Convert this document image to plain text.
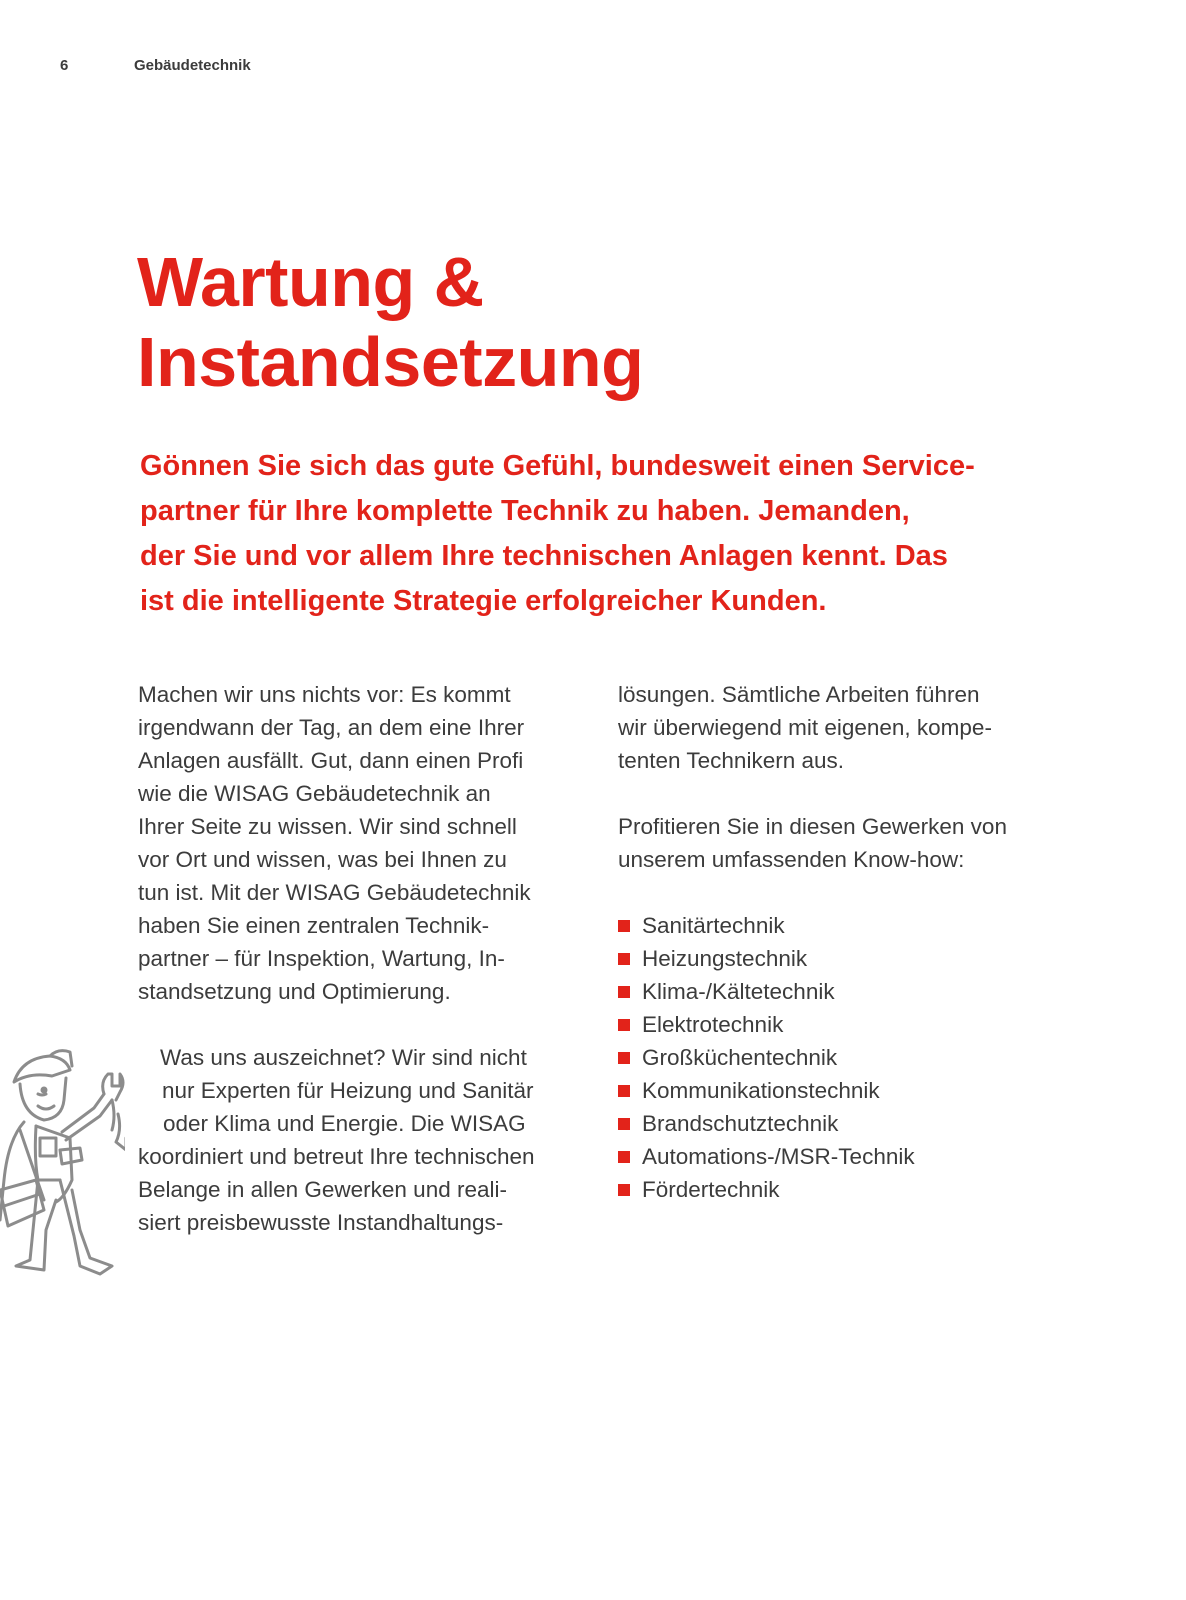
6	Gebäudetechnik
Wartung &
Instandsetzung

Gönnen Sie sich das gute Gefühl, bundesweit einen Service-
partner für Ihre komplette Technik zu haben. Jemanden,
der Sie und vor allem Ihre technischen Anlagen kennt. Das
ist die intelligente Strategie erfolgreicher Kunden.

Machen wir uns nichts vor: Es kommt
irgendwann der Tag, an dem eine Ihrer
Anlagen ausfällt. Gut, dann einen Profi
wie die WISAG Gebäudetechnik an
Ihrer Seite zu wissen. Wir sind schnell
vor Ort und wissen, was bei Ihnen zu
tun ist. Mit der WISAG Gebäudetechnik
haben Sie einen zentralen Technik-
partner – für Inspektion, Wartung, In-
standsetzung und Optimierung.
Was uns auszeichnet? Wir sind nicht
nur Experten für Heizung und Sanitär
oder Klima und Energie. Die WISAG
koordiniert und betreut Ihre technischen
Belange in allen Gewerken und reali-
siert preisbewusste Instandhaltungs-
lösungen. Sämtliche Arbeiten führen
wir überwiegend mit eigenen, kompe-
tenten Technikern aus.
Profitieren Sie in diesen Gewerken von
unserem umfassenden Know-how:
Sanitärtechnik
Heizungstechnik
Klima-/Kältetechnik
Elektrotechnik
Großküchentechnik
Kommunikationstechnik
Brandschutztechnik
Automations-/MSR-Technik
Fördertechnik
